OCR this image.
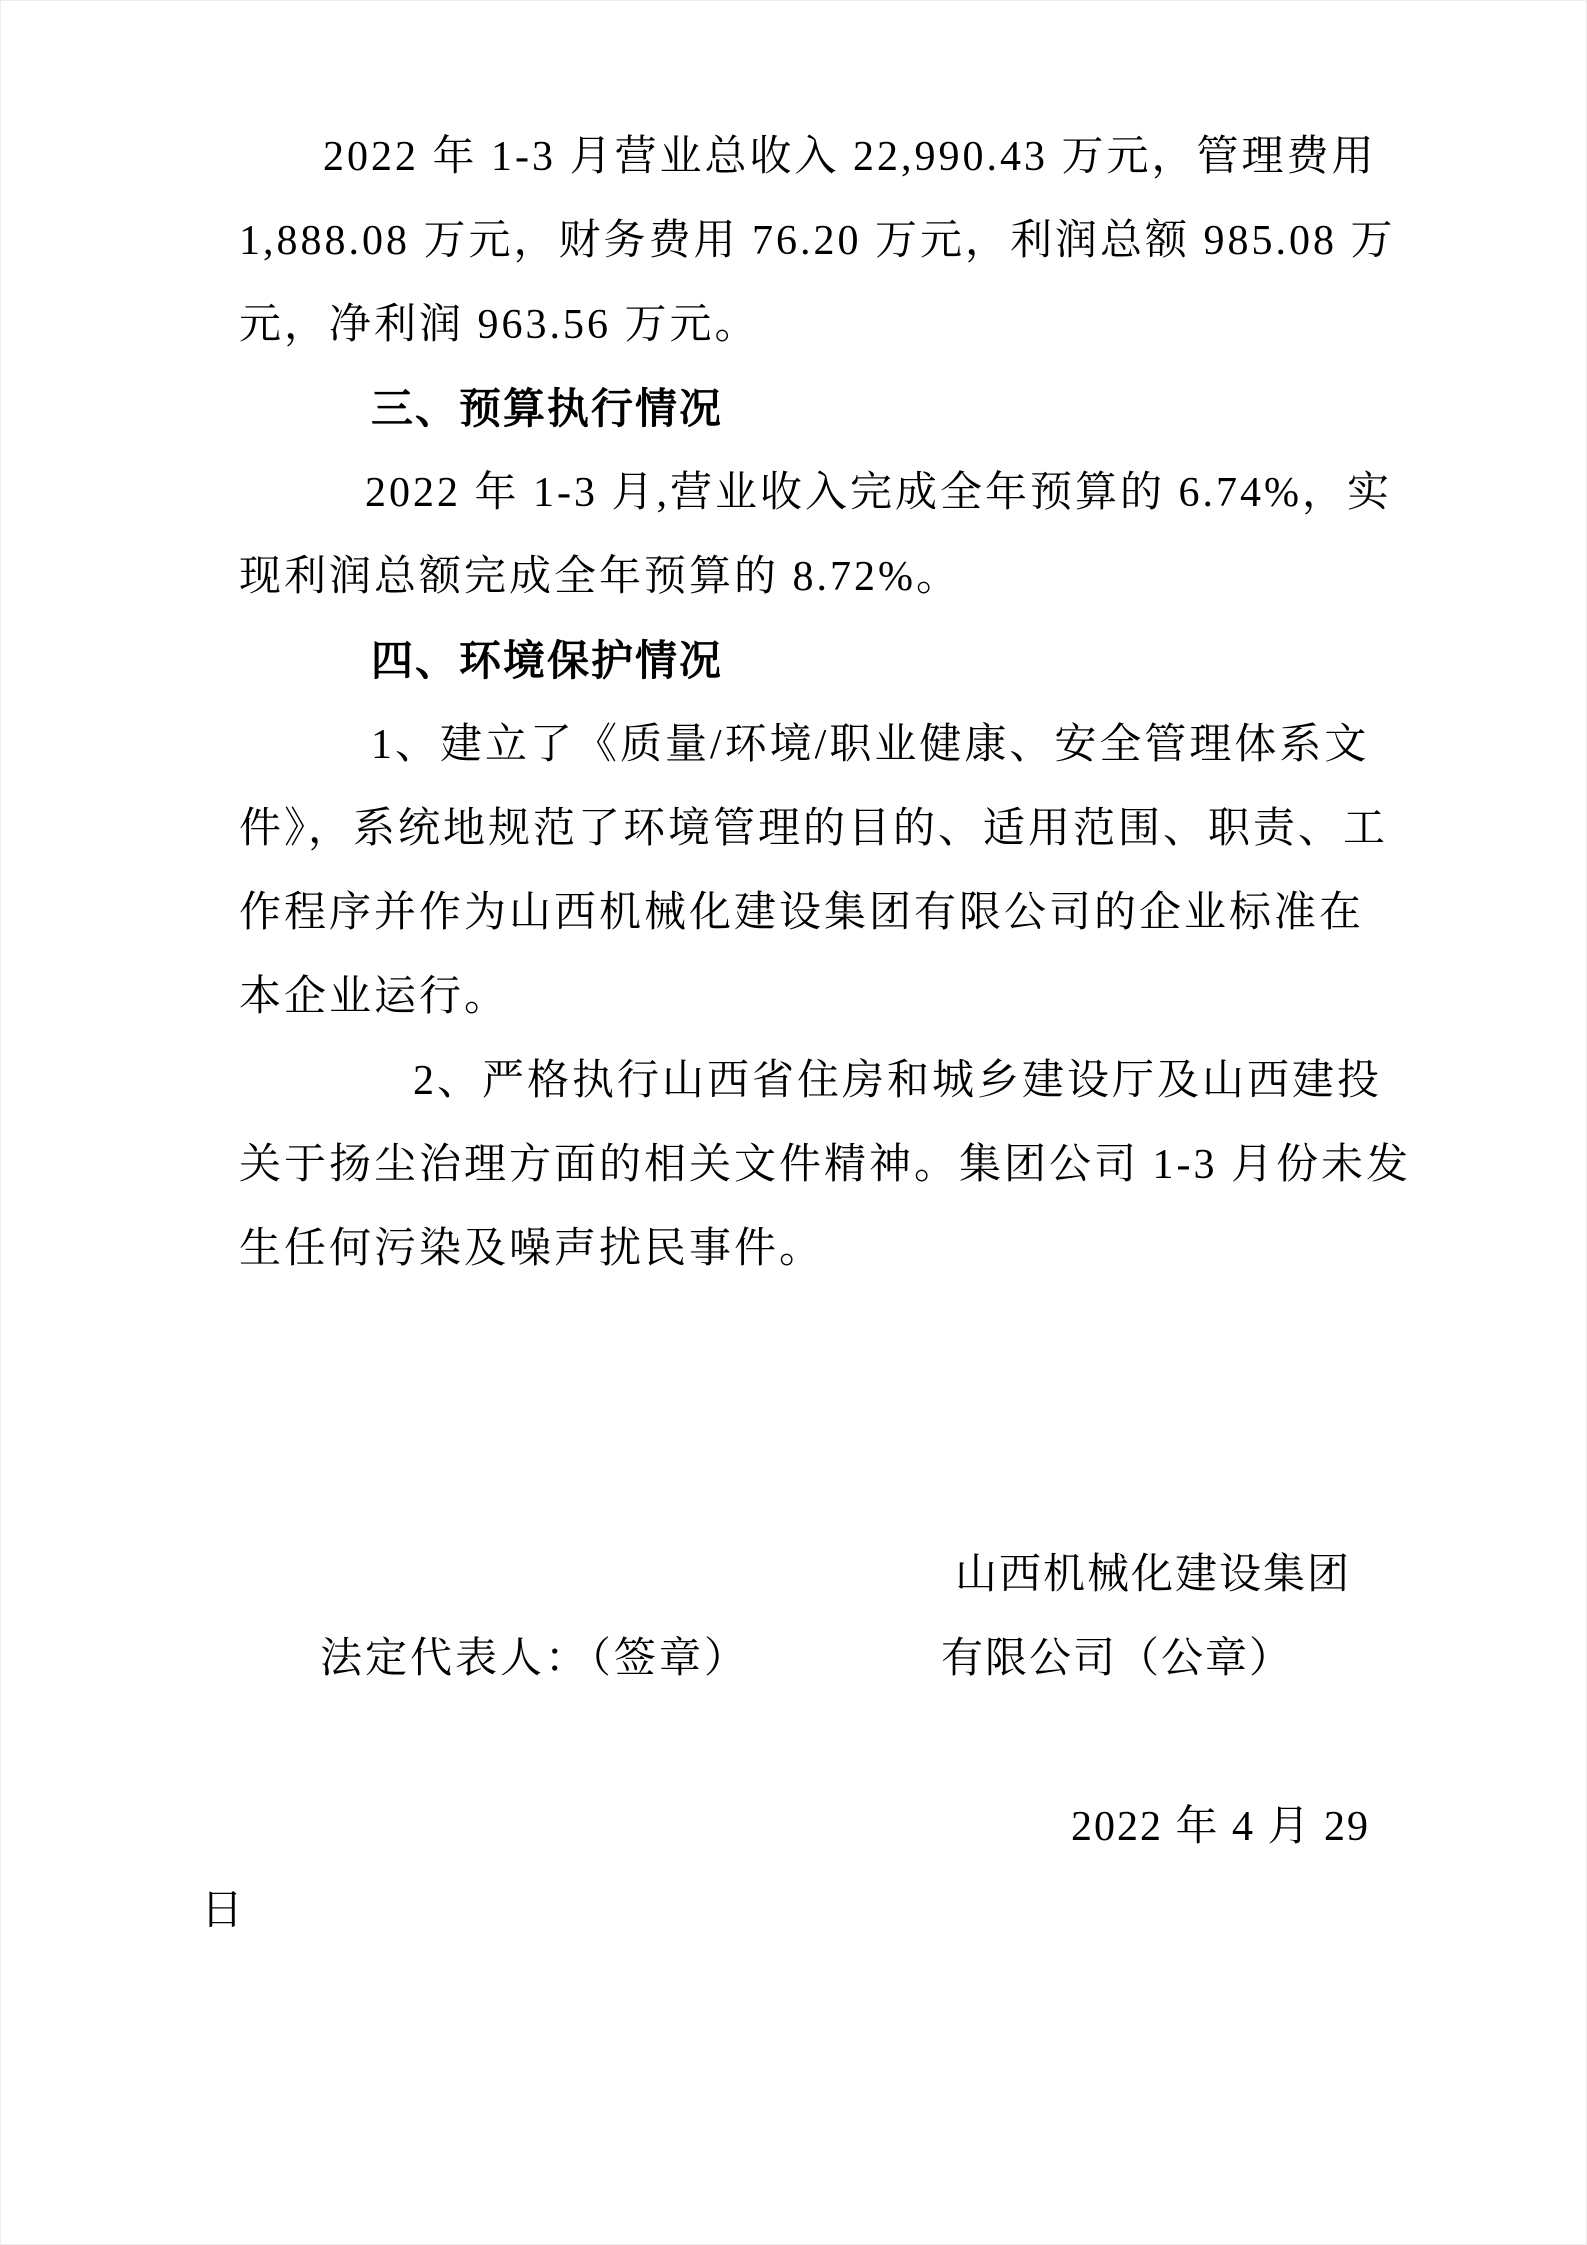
2022 年 1-3 月营业总收入 22,990.43 万元，管理费用
1,888.08 万元，财务费用 76.20 万元，利润总额 985.08 万
元，净利润 963.56 万元。
三、预算执行情况
2022 年 1-3 月,营业收入完成全年预算的 6.74%，实
现利润总额完成全年预算的 8.72%。
四、环境保护情况
1、建立了《质量/环境/职业健康、安全管理体系文
件》，系统地规范了环境管理的目的、适用范围、职责、工
作程序并作为山西机械化建设集团有限公司的企业标准在
本企业运行。
2、严格执行山西省住房和城乡建设厅及山西建投
关于扬尘治理方面的相关文件精神。集团公司 1-3 月份未发
生任何污染及噪声扰民事件。

法定代表人：（签章）

山西机械化建设集团

有限公司（公章）
2022 年 4 月 29
日
